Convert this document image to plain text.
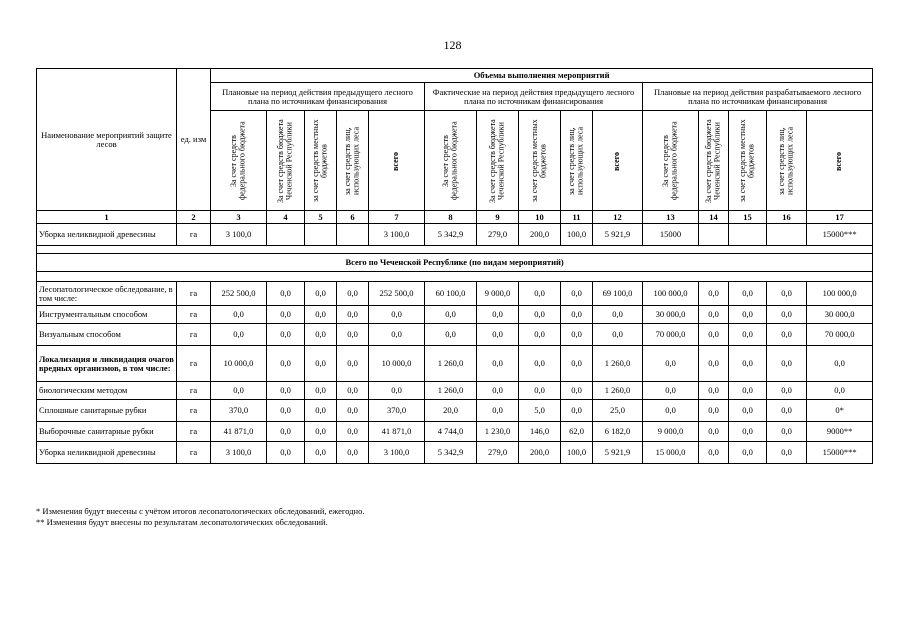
128
Наименование мероприятий защите лесов	ед. изм	Объемы выполнения мероприятий														
		Плановые на период действия предыдущего лесного плана по источникам финансирования					Фактические на период действия предыдущего лесного плана по источникам финансирования					Плановые на период действия разрабатываемого лесного плана по источникам финансирования				

		За счет средств федерального бюджета	За счет средств бюджета Чеченской Республики	за счет средств местных бюджетов	за счет средств лиц, использующих леса	всего	За счет средств федерального бюджета	За счет средств бюджета Чеченской Республики	за счет средств местных бюджетов	за счет средств лиц, использующих леса	всего	За счет средств федерального бюджета	За счет средств бюджета Чеченской Республики	за счет средств местных бюджетов	за счет средств лиц, использующих леса	всего

1	2	3	4	5	6	7	8	9	10	11	12	13	14	15	16	17
Уборка неликвидной древесины	га	3 100,0				3 100,0	5 342,9	279,0	200,0	100,0	5 921,9	15000				15000***

Всего по Чеченской Республике (по видам мероприятий)																

Лесопатологическое обследование, в том числе:	га	252 500,0	0,0	0,0	0,0	252 500,0	60 100,0	9 000,0	0,0	0,0	69 100,0	100 000,0	0,0	0,0	0,0	100 000,0
Инструментальным способом	га	0,0	0,0	0,0	0,0	0,0	0,0	0,0	0,0	0,0	0,0	30 000,0	0,0	0,0	0,0	30 000,0
Визуальным способом	га	0,0	0,0	0,0	0,0	0,0	0,0	0,0	0,0	0,0	0,0	70 000,0	0,0	0,0	0,0	70 000,0
Локализация и ликвидация очагов вредных организмов, в том числе:	га	10 000,0	0,0	0,0	0,0	10 000,0	1 260,0	0,0	0,0	0,0	1 260,0	0,0	0,0	0,0	0,0	0,0
биологическим методом	га	0,0	0,0	0,0	0,0	0,0	1 260,0	0,0	0,0	0,0	1 260,0	0,0	0,0	0,0	0,0	0,0
Сплошные санитарные рубки	га	370,0	0,0	0,0	0,0	370,0	20,0	0,0	5,0	0,0	25,0	0,0	0,0	0,0	0,0	0*
Выборочные санитарные рубки	га	41 871,0	0,0	0,0	0,0	41 871,0	4 744,0	1 230,0	146,0	62,0	6 182,0	9 000,0	0,0	0,0	0,0	9000**
Уборка неликвидной древесины	га	3 100,0	0,0	0,0	0,0	3 100,0	5 342,9	279,0	200,0	100,0	5 921,9	15 000,0	0,0	0,0	0,0	15000***
* Изменения будут внесены с учётом итогов лесопатологических обследований, ежегодно.
** Изменения будут внесены по результатам лесопатологических обследований.
